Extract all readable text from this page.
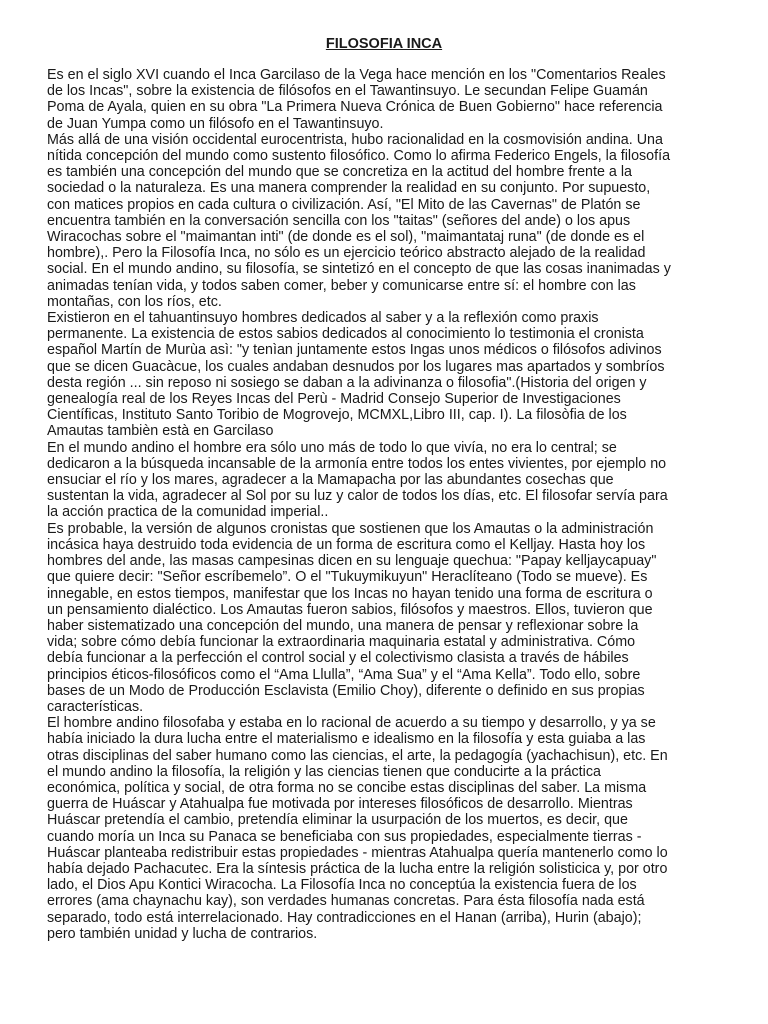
FILOSOFIA INCA

Es en el siglo XVI cuando el Inca Garcilaso de la Vega hace mención en los "Comentarios Reales
de los Incas", sobre la existencia de filósofos en el Tawantinsuyo. Le secundan Felipe Guamán
Poma de Ayala, quien en su obra "La Primera Nueva Crónica de Buen Gobierno" hace referencia
de Juan Yumpa como un filósofo en el Tawantinsuyo.

Más allá de una visión occidental eurocentrista, hubo racionalidad en la cosmovisión andina. Una
nítida concepción del mundo como sustento filosófico. Como lo afirma Federico Engels, la filosofía
es también una concepción del mundo que se concretiza en la actitud del hombre frente a la
sociedad o la naturaleza. Es una manera comprender la realidad en su conjunto. Por supuesto,
con matices propios en cada cultura o civilización. Así, "El Mito de las Cavernas" de Platón se
encuentra también en la conversación sencilla con los "taitas" (señores del ande) o los apus
Wiracochas sobre el "maimantan inti" (de donde es el sol), "maimantataj runa" (de donde es el
hombre),. Pero la Filosofía Inca, no sólo es un ejercicio teórico abstracto alejado de la realidad
social. En el mundo andino, su filosofía, se sintetizó en el concepto de que las cosas inanimadas y
animadas tenían vida, y todos saben comer, beber y comunicarse entre sí: el hombre con las
montañas, con los ríos, etc.

Existieron en el tahuantinsuyo hombres dedicados al saber y a la reflexión como praxis
permanente. La existencia de estos sabios dedicados al conocimiento lo testimonia el cronista
español Martín de Murùa asì: "y tenìan juntamente estos Ingas unos médicos o filósofos adivinos
que se dicen Guacàcue, los cuales andaban desnudos por los lugares mas apartados y sombríos
desta región ... sin reposo ni sosiego se daban a la adivinanza o filosofia".(Historia del origen y
genealogía real de los Reyes Incas del Perù - Madrid Consejo Superior de Investigaciones
Científicas, Instituto Santo Toribio de Mogrovejo, MCMXL,Libro III, cap. I). La filosòfia de los
Amautas tambièn està en Garcilaso

En el mundo andino el hombre era sólo uno más de todo lo que vivía, no era lo central; se
dedicaron a la búsqueda incansable de la armonía entre todos los entes vivientes, por ejemplo no
ensuciar el río y los mares, agradecer a la Mamapacha por las abundantes cosechas que
sustentan la vida, agradecer al Sol por su luz y calor de todos los días, etc. El filosofar servía para
la acción practica de la comunidad imperial..

Es probable, la versión de algunos cronistas que sostienen que los Amautas o la administración
incásica haya destruido toda evidencia de un forma de escritura como el Kelljay. Hasta hoy los
hombres del ande, las masas campesinas dicen en su lenguaje quechua: "Papay kelljaycapuay"
que quiere decir: "Señor escríbemelo”. O el "Tukuymikuyun" Heraclíteano (Todo se mueve). Es
innegable, en estos tiempos, manifestar que los Incas no hayan tenido una forma de escritura o
un pensamiento dialéctico. Los Amautas fueron sabios, filósofos y maestros. Ellos, tuvieron que
haber sistematizado una concepción del mundo, una manera de pensar y reflexionar sobre la
vida; sobre cómo debía funcionar la extraordinaria maquinaria estatal y administrativa. Cómo
debía funcionar a la perfección el control social y el colectivismo clasista a través de hábiles
principios éticos-filosóficos como el “Ama Llulla”, “Ama Sua” y el “Ama Kella”. Todo ello, sobre
bases de un Modo de Producción Esclavista (Emilio Choy), diferente o definido en sus propias
características.

El hombre andino filosofaba y estaba en lo racional de acuerdo a su tiempo y desarrollo, y ya se
había iniciado la dura lucha entre el materialismo e idealismo en la filosofía y esta guiaba a las
otras disciplinas del saber humano como las ciencias, el arte, la pedagogía (yachachisun), etc. En
el mundo andino la filosofía, la religión y las ciencias tienen que conducirte a la práctica
económica, política y social, de otra forma no se concibe estas disciplinas del saber. La misma
guerra de Huáscar y Atahualpa fue motivada por intereses filosóficos de desarrollo. Mientras
Huáscar pretendía el cambio, pretendía eliminar la usurpación de los muertos, es decir, que
cuando moría un Inca su Panaca se beneficiaba con sus propiedades, especialmente tierras -
Huáscar planteaba redistribuir estas propiedades - mientras Atahualpa quería mantenerlo como lo
había dejado Pachacutec. Era la síntesis práctica de la lucha entre la religión solisticica y, por otro
lado, el Dios Apu Kontici Wiracocha. La Filosofía Inca no conceptúa la existencia fuera de los
errores (ama chaynachu kay), son verdades humanas concretas. Para ésta filosofía nada está
separado, todo está interrelacionado. Hay contradicciones en el Hanan (arriba), Hurin (abajo);
pero también unidad y lucha de contrarios.
